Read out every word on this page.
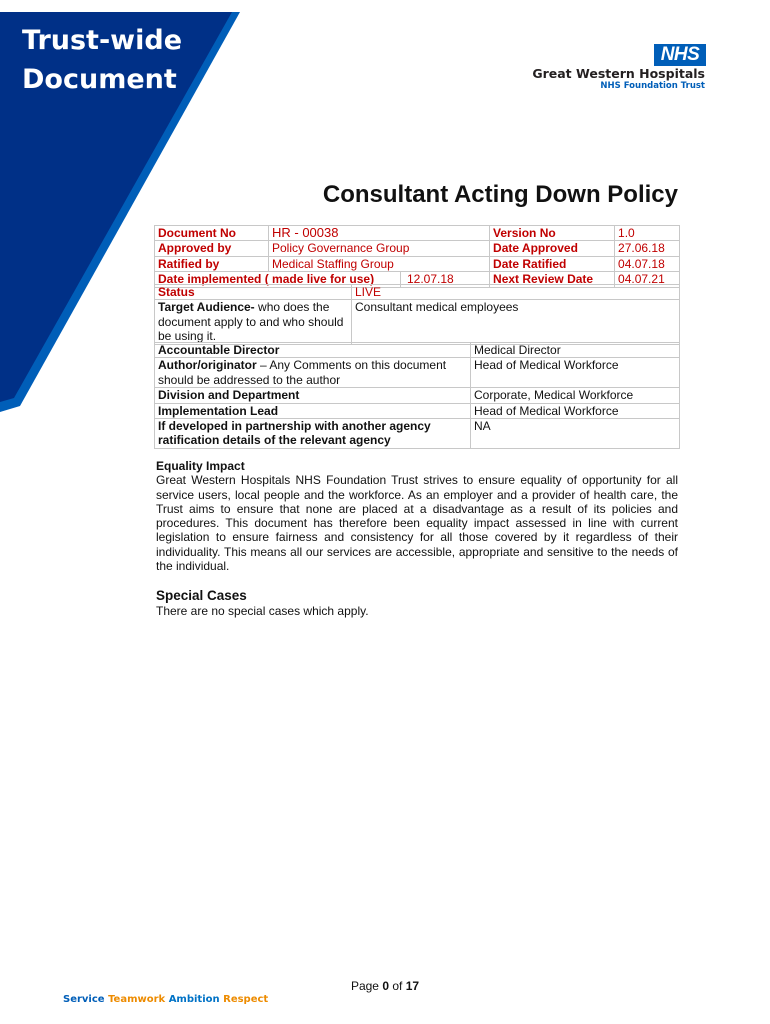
Trust-wide
Document
NHS
Great Western Hospitals
NHS Foundation Trust
Consultant Acting Down Policy
Document No	HR - 00038		Version No	1.0
Approved by	Policy Governance Group		Date Approved	27.06.18
Ratified by	Medical Staffing Group		Date Ratified	04.07.18
Date implemented ( made live for use)		12.07.18	Next Review Date	04.07.21
Status	LIVE
Target Audience- who does the document apply to and who should be using it.	Consultant medical employees
Accountable Director	Medical Director
Author/originator – Any Comments on this document should be addressed to the author	Head of Medical Workforce
Division and Department	Corporate, Medical Workforce
Implementation Lead	Head of Medical Workforce
If developed in partnership with another agency ratification details of the relevant agency	NA
Equality Impact

Great Western Hospitals NHS Foundation Trust strives to ensure equality of opportunity for all service users, local people and the workforce. As an employer and a provider of health care, the Trust aims to ensure that none are placed at a disadvantage as a result of its policies and procedures. This document has therefore been equality impact assessed in line with current legislation to ensure fairness and consistency for all those covered by it regardless of their individuality. This means all our services are accessible, appropriate and sensitive to the needs of the individual.

Special Cases

There are no special cases which apply.

Page 0 of 17
Service Teamwork Ambition Respect
